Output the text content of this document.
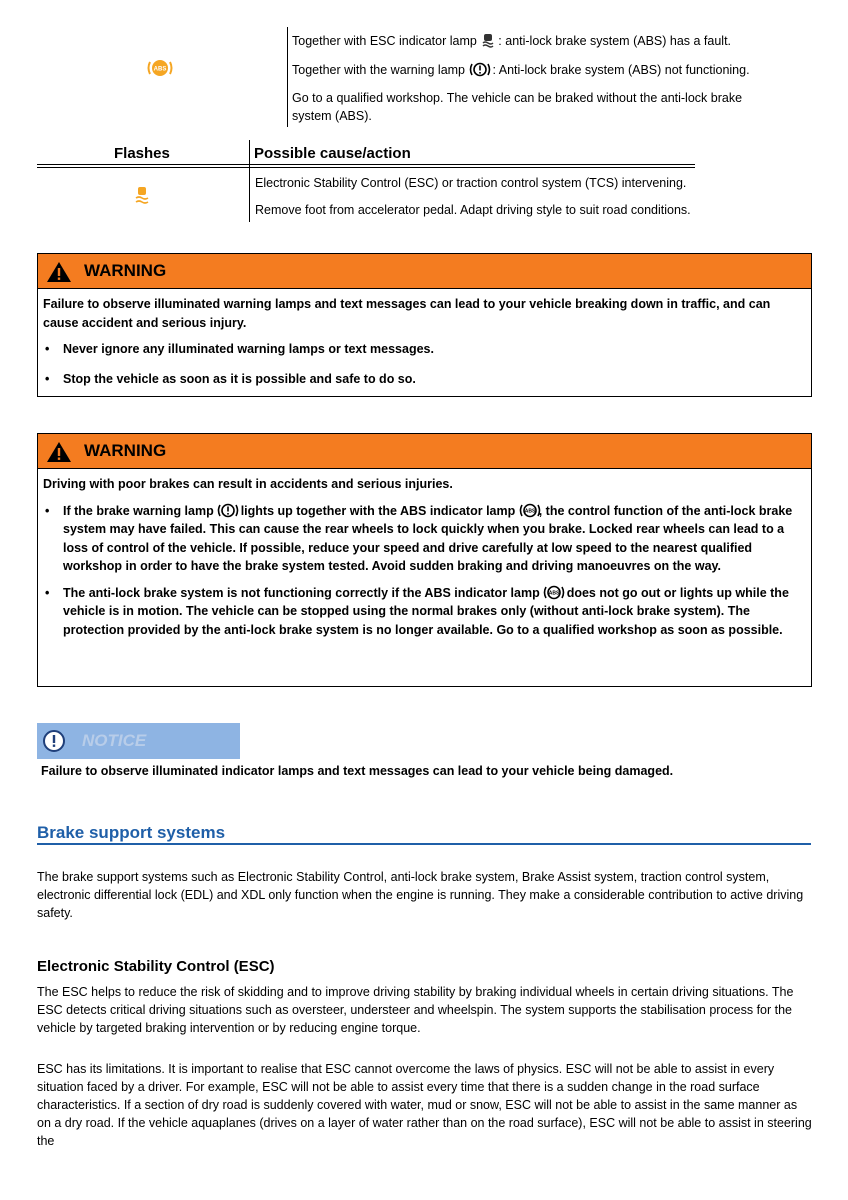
ABS
Together with ESC indicator lamp : anti-lock brake system (ABS) has a fault.
Together with the warning lamp : Anti-lock brake system (ABS) not functioning.
Go to a qualified workshop. The vehicle can be braked without the anti-lock brake system (ABS).
Flashes	Possible cause/action
Electronic Stability Control (ESC) or traction control system (TCS) intervening.
Remove foot from accelerator pedal. Adapt driving style to suit road conditions.
WARNING
Failure to observe illuminated warning lamps and text messages can lead to your vehicle breaking down in traffic, and can cause accident and serious injury.
• Never ignore any illuminated warning lamps or text messages.
• Stop the vehicle as soon as it is possible and safe to do so.
WARNING
Driving with poor brakes can result in accidents and serious injuries.
• If the brake warning lamp lights up together with the ABS indicator lamp ABS , the control function of the anti-lock brake system may have failed. This can cause the rear wheels to lock quickly when you brake. Locked rear wheels can lead to a loss of control of the vehicle. If possible, reduce your speed and drive carefully at low speed to the nearest qualified workshop in order to have the brake system tested. Avoid sudden braking and driving manoeuvres on the way.
• The anti-lock brake system is not functioning correctly if the ABS indicator lamp ABS does not go out or lights up while the vehicle is in motion. The vehicle can be stopped using the normal brakes only (without anti-lock brake system). The protection provided by the anti-lock brake system is no longer available. Go to a qualified workshop as soon as possible.
NOTICE
Failure to observe illuminated indicator lamps and text messages can lead to your vehicle being damaged.
Brake support systems
The brake support systems such as Electronic Stability Control, anti-lock brake system, Brake Assist system, traction control system, electronic differential lock (EDL) and XDL only function when the engine is running. They make a considerable contribution to active driving safety.
Electronic Stability Control (ESC)
The ESC helps to reduce the risk of skidding and to improve driving stability by braking individual wheels in certain driving situations. The ESC detects critical driving situations such as oversteer, understeer and wheelspin. The system supports the stabilisation process for the vehicle by targeted braking intervention or by reducing engine torque.
ESC has its limitations. It is important to realise that ESC cannot overcome the laws of physics. ESC will not be able to assist in every situation faced by a driver. For example, ESC will not be able to assist every time that there is a sudden change in the road surface characteristics. If a section of dry road is suddenly covered with water, mud or snow, ESC will not be able to assist in the same manner as on a dry road. If the vehicle aquaplanes (drives on a layer of water rather than on the road surface), ESC will not be able to assist in steering the
